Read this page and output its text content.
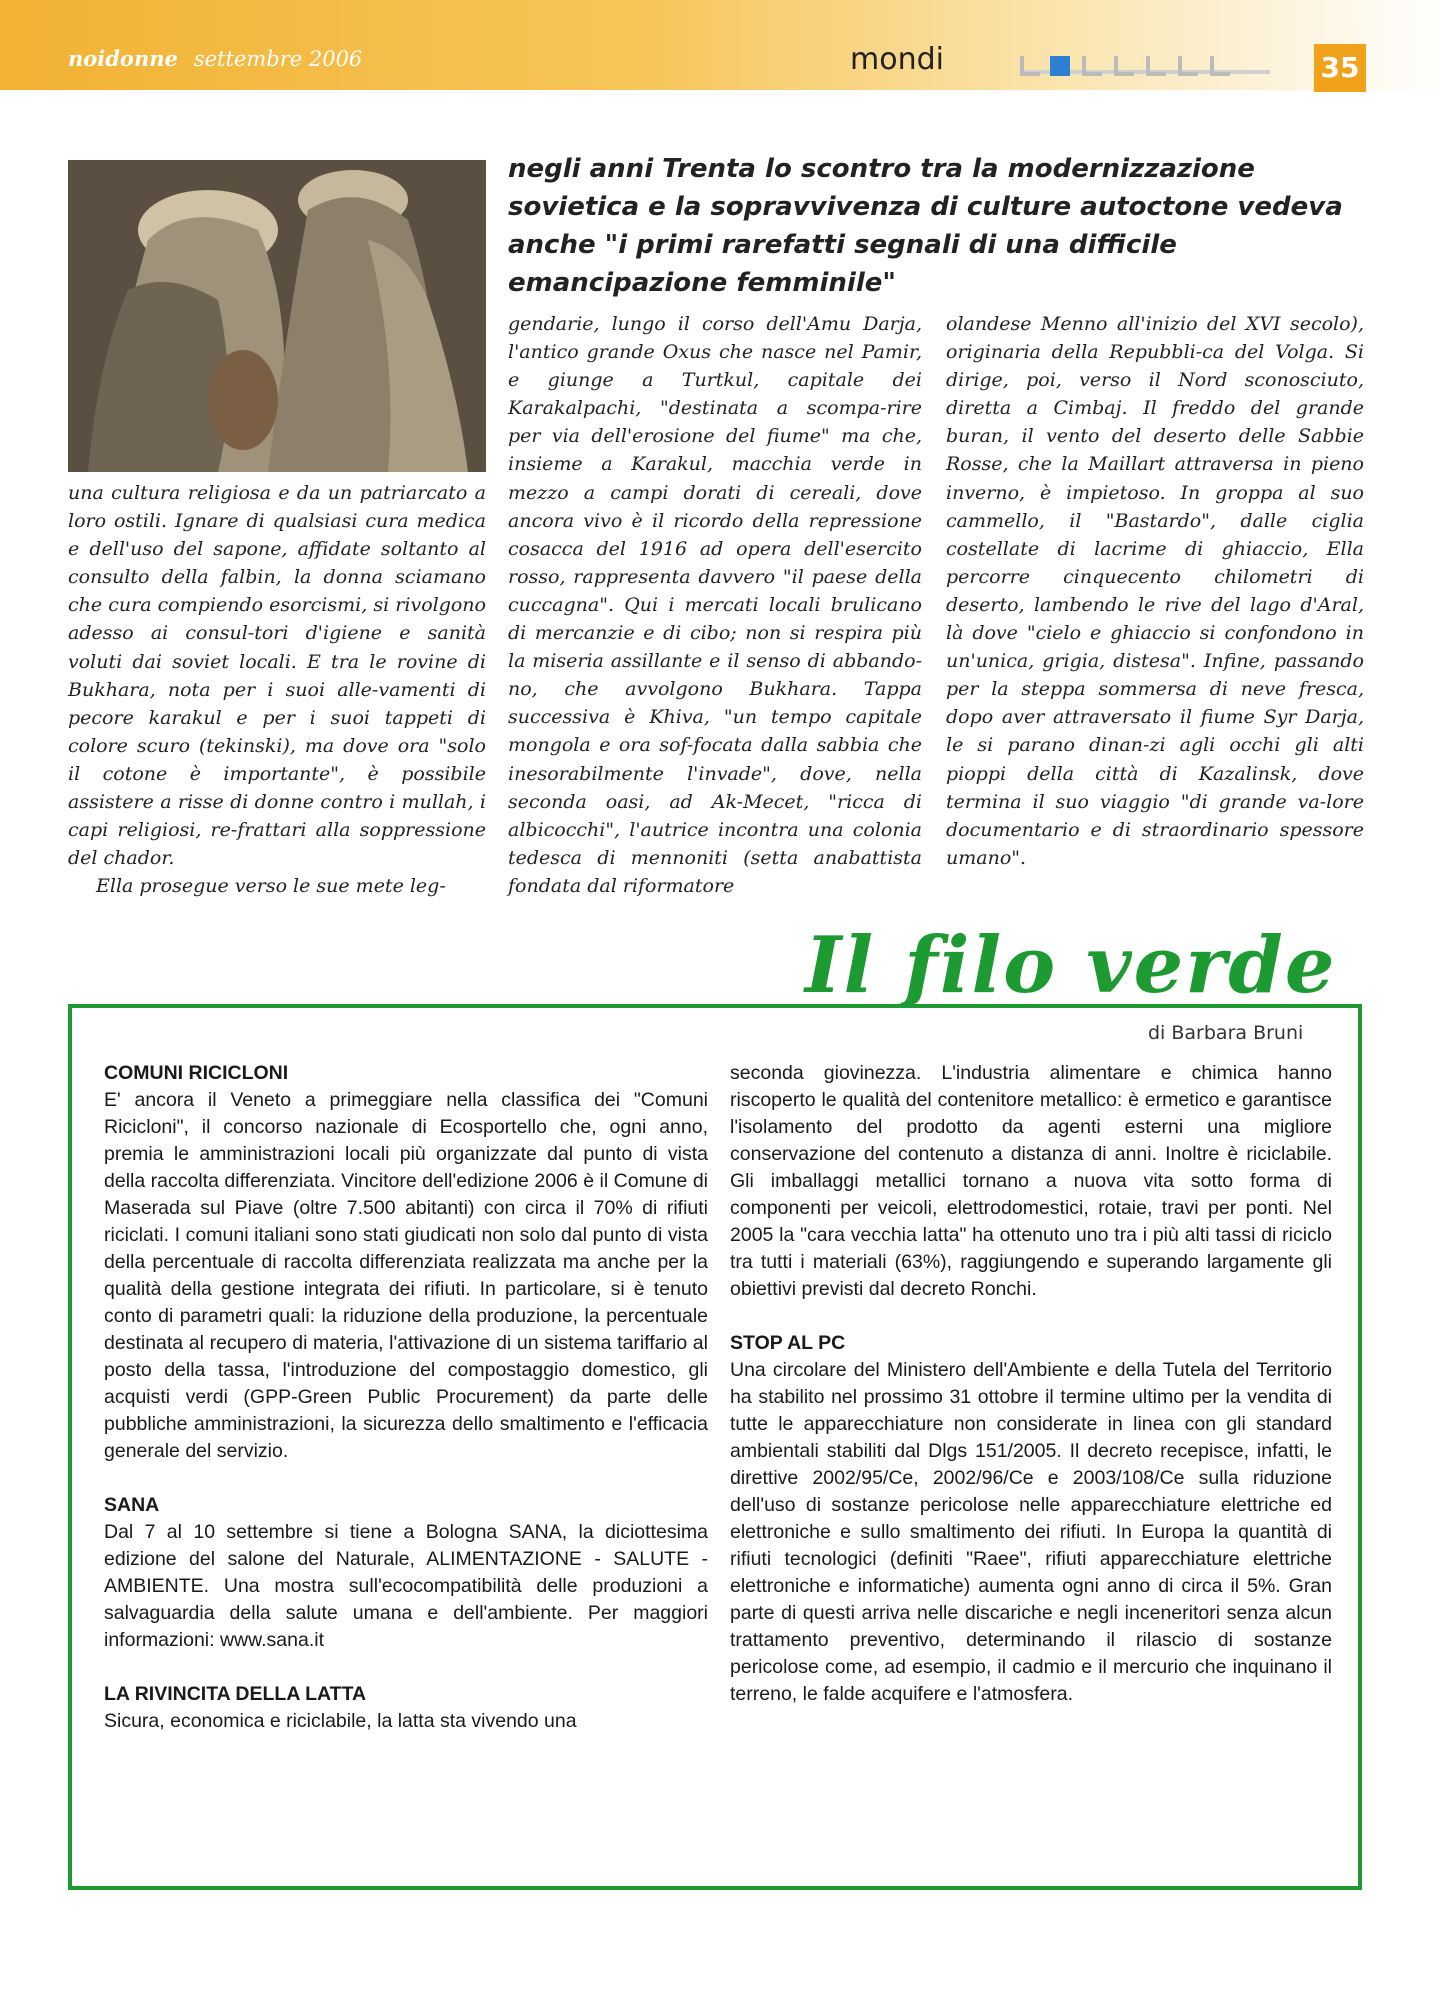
noidonne settembre 2006	mondi	35
negli anni Trenta lo scontro tra la modernizzazione sovietica e la sopravvivenza di culture autoctone vedeva anche "i primi rarefatti segnali di una difficile emancipazione femminile"

una cultura religiosa e da un patriarcato a loro ostili. Ignare di qualsiasi cura medica e dell'uso del sapone, affidate soltanto al consulto della falbin, la donna sciamano che cura compiendo esorcismi, si rivolgono adesso ai consul-tori d'igiene e sanità voluti dai soviet locali. E tra le rovine di Bukhara, nota per i suoi alle-vamenti di pecore karakul e per i suoi tappeti di colore scuro (tekinski), ma dove ora "solo il cotone è importante", è possibile assistere a risse di donne contro i mullah, i capi religiosi, re-frattari alla soppressione del chador.

Ella prosegue verso le sue mete leg-

gendarie, lungo il corso dell'Amu Darja, l'antico grande Oxus che nasce nel Pamir, e giunge a Turtkul, capitale dei Karakalpachi, "destinata a scompa-rire per via dell'erosione del fiume" ma che, insieme a Karakul, macchia verde in mezzo a campi dorati di cereali, dove ancora vivo è il ricordo della repressione cosacca del 1916 ad opera dell'esercito rosso, rappresenta davvero "il paese della cuccagna". Qui i mercati locali brulicano di mercanzie e di cibo; non si respira più la miseria assillante e il senso di abbando-no, che avvolgono Bukhara. Tappa successiva è Khiva, "un tempo capitale mongola e ora sof-focata dalla sabbia che inesorabilmente l'invade", dove, nella seconda oasi, ad Ak-Mecet, "ricca di albicocchi", l'autrice incontra una colonia tedesca di mennoniti (setta anabattista fondata dal riformatore

olandese Menno all'inizio del XVI secolo), originaria della Repubbli-ca del Volga. Si dirige, poi, verso il Nord sconosciuto, diretta a Cimbaj. Il freddo del grande buran, il vento del deserto delle Sabbie Rosse, che la Maillart attraversa in pieno inverno, è impietoso. In groppa al suo cammello, il "Bastardo", dalle ciglia costellate di lacrime di ghiaccio, Ella percorre cinquecento chilometri di deserto, lambendo le rive del lago d'Aral, là dove "cielo e ghiaccio si confondono in un'unica, grigia, distesa". Infine, passando per la steppa sommersa di neve fresca, dopo aver attraversato il fiume Syr Darja, le si parano dinan-zi agli occhi gli alti pioppi della città di Kazalinsk, dove termina il suo viaggio "di grande va-lore documentario e di straordinario spessore umano".

Il filo verde
di Barbara Bruni
COMUNI RICICLONI

E' ancora il Veneto a primeggiare nella classifica dei "Comuni Ricicloni", il concorso nazionale di Ecosportello che, ogni anno, premia le amministrazioni locali più organizzate dal punto di vista della raccolta differenziata. Vincitore dell'edizione 2006 è il Comune di Maserada sul Piave (oltre 7.500 abitanti) con circa il 70% di rifiuti riciclati. I comuni italiani sono stati giudicati non solo dal punto di vista della percentuale di raccolta differenziata realizzata ma anche per la qualità della gestione integrata dei rifiuti. In particolare, si è tenuto conto di parametri quali: la riduzione della produzione, la percentuale destinata al recupero di materia, l'attivazione di un sistema tariffario al posto della tassa, l'introduzione del compostaggio domestico, gli acquisti verdi (GPP-Green Public Procurement) da parte delle pubbliche amministrazioni, la sicurezza dello smaltimento e l'efficacia generale del servizio.

SANA

Dal 7 al 10 settembre si tiene a Bologna SANA, la diciottesima edizione del salone del Naturale, ALIMENTAZIONE - SALUTE - AMBIENTE. Una mostra sull'ecocompatibilità delle produzioni a salvaguardia della salute umana e dell'ambiente. Per maggiori informazioni: www.sana.it

LA RIVINCITA DELLA LATTA

Sicura, economica e riciclabile, la latta sta vivendo una

seconda giovinezza. L'industria alimentare e chimica hanno riscoperto le qualità del contenitore metallico: è ermetico e garantisce l'isolamento del prodotto da agenti esterni una migliore conservazione del contenuto a distanza di anni. Inoltre è riciclabile. Gli imballaggi metallici tornano a nuova vita sotto forma di componenti per veicoli, elettrodomestici, rotaie, travi per ponti. Nel 2005 la "cara vecchia latta" ha ottenuto uno tra i più alti tassi di riciclo tra tutti i materiali (63%), raggiungendo e superando largamente gli obiettivi previsti dal decreto Ronchi.

STOP AL PC

Una circolare del Ministero dell'Ambiente e della Tutela del Territorio ha stabilito nel prossimo 31 ottobre il termine ultimo per la vendita di tutte le apparecchiature non considerate in linea con gli standard ambientali stabiliti dal Dlgs 151/2005. Il decreto recepisce, infatti, le direttive 2002/95/Ce, 2002/96/Ce e 2003/108/Ce sulla riduzione dell'uso di sostanze pericolose nelle apparecchiature elettriche ed elettroniche e sullo smaltimento dei rifiuti. In Europa la quantità di rifiuti tecnologici (definiti "Raee", rifiuti apparecchiature elettriche elettroniche e informatiche) aumenta ogni anno di circa il 5%. Gran parte di questi arriva nelle discariche e negli inceneritori senza alcun trattamento preventivo, determinando il rilascio di sostanze pericolose come, ad esempio, il cadmio e il mercurio che inquinano il terreno, le falde acquifere e l'atmosfera.
